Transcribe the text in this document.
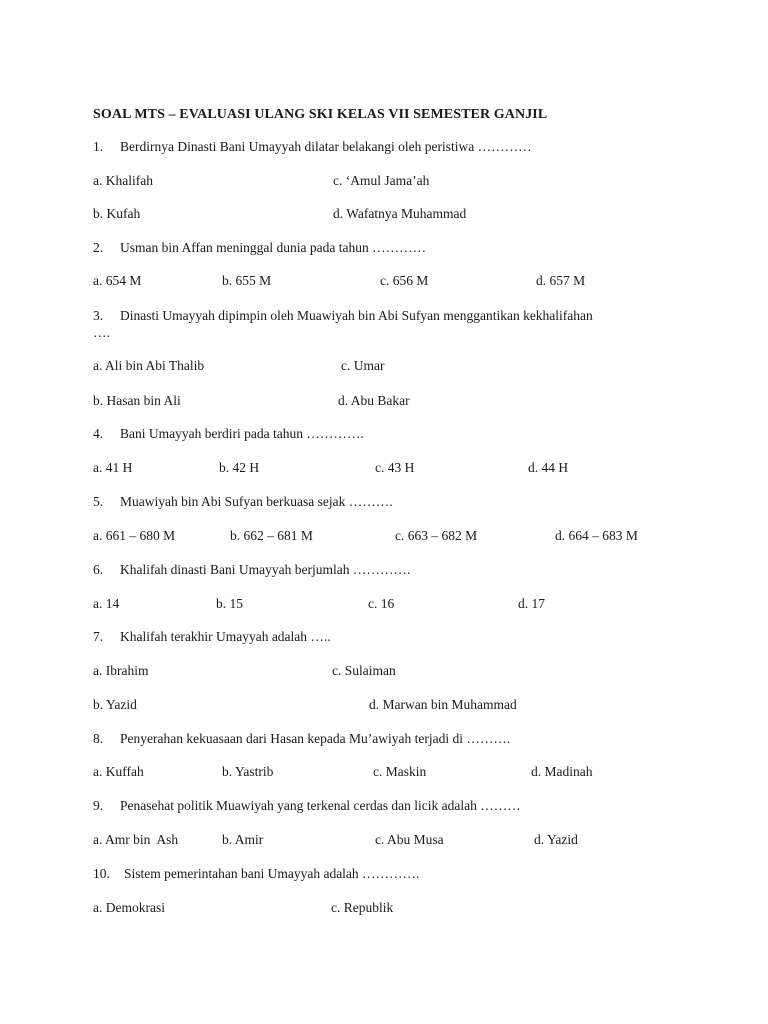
SOAL MTS – EVALUASI ULANG SKI KELAS VII SEMESTER GANJIL
1. Berdirnya Dinasti Bani Umayyah dilatar belakangi oleh peristiwa …………
a. Khalifah	c. ‘Amul Jama’ah
b. Kufah	d. Wafatnya Muhammad
2. Usman bin Affan meninggal dunia pada tahun …………
a. 654 M	b. 655 M	c. 656 M	d. 657 M
3. Dinasti Umayyah dipimpin oleh Muawiyah bin Abi Sufyan menggantikan kekhalifahan
….
a. Ali bin Abi Thalib	c. Umar
b. Hasan bin Ali	d. Abu Bakar
4. Bani Umayyah berdiri pada tahun ………….
a. 41 H	b. 42 H	c. 43 H	d. 44 H
5. Muawiyah bin Abi Sufyan berkuasa sejak ……….
a. 661 – 680 M	b. 662 – 681 M	c. 663 – 682 M	d. 664 – 683 M
6. Khalifah dinasti Bani Umayyah berjumlah ………….
a. 14	b. 15	c. 16	d. 17
7. Khalifah terakhir Umayyah adalah …..
a. Ibrahim	c. Sulaiman
b. Yazid	d. Marwan bin Muhammad
8. Penyerahan kekuasaan dari Hasan kepada Mu’awiyah terjadi di ……….
a. Kuffah	b. Yastrib	c. Maskin	d. Madinah
9. Penasehat politik Muawiyah yang terkenal cerdas dan licik adalah ………
a. Amr bin  Ash	b. Amir	c. Abu Musa	d. Yazid
10. Sistem pemerintahan bani Umayyah adalah ………….
a. Demokrasi	c. Republik
